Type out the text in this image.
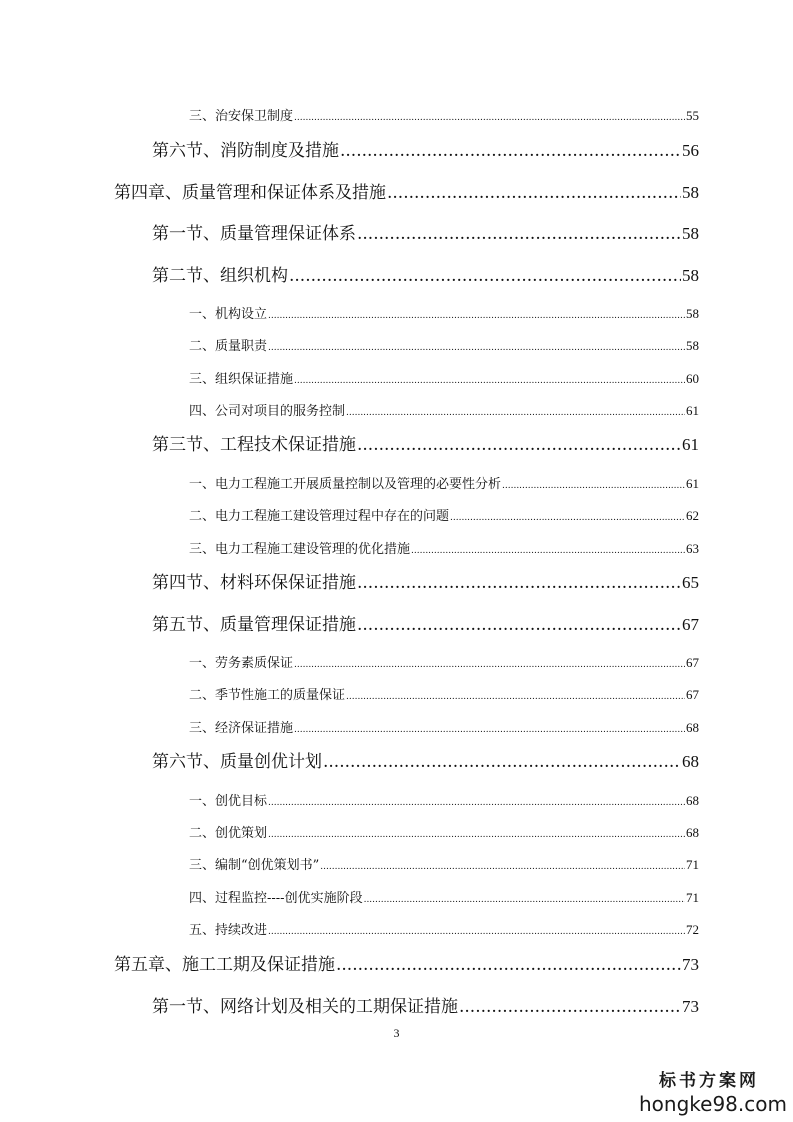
三、治安保卫制度 .....	55
第六节、消防制度及措施 .....	56
第四章、质量管理和保证体系及措施 .....	58
第一节、质量管理保证体系 .....	58
第二节、组织机构 .....	58
一、机构设立 .....	58
二、质量职责 .....	58
三、组织保证措施 .....	60
四、公司对项目的服务控制 .....	61
第三节、工程技术保证措施 .....	61
一、电力工程施工开展质量控制以及管理的必要性分析 .....	61
二、电力工程施工建设管理过程中存在的问题 .....	62
三、电力工程施工建设管理的优化措施 .....	63
第四节、材料环保保证措施 .....	65
第五节、质量管理保证措施 .....	67
一、劳务素质保证 .....	67
二、季节性施工的质量保证 .....	67
三、经济保证措施 .....	68
第六节、质量创优计划 .....	68
一、创优目标 .....	68
二、创优策划 .....	68
三、编制“创优策划书” .....	71
四、过程监控----创优实施阶段 .....	71
五、持续改进 .....	72
第五章、施工工期及保证措施 .....	73
第一节、网络计划及相关的工期保证措施 .....	73
3
标书方案网
hongke98.com
